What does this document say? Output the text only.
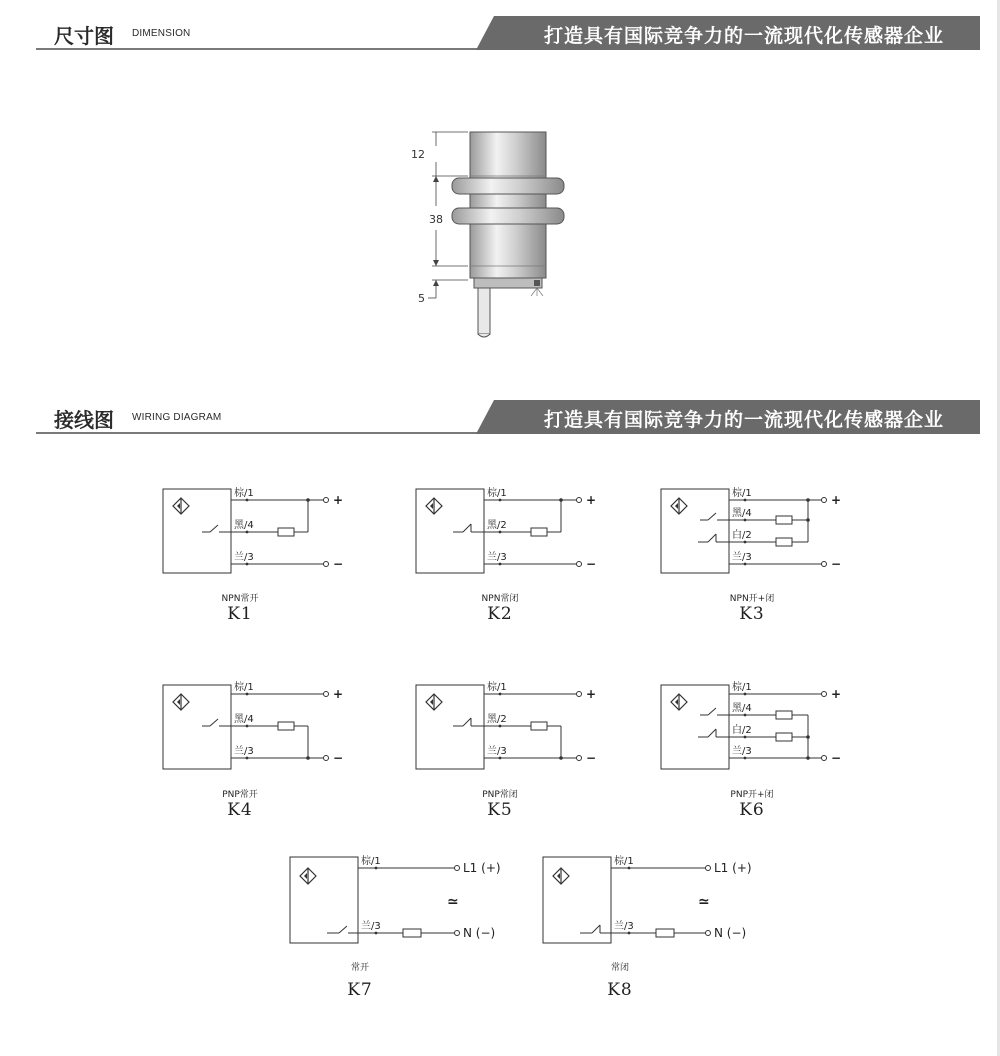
尺寸图 DIMENSION	打造具有国际竞争力的一流现代化传感器企业
12
38
5
接线图 WIRING DIAGRAM	打造具有国际竞争力的一流现代化传感器企业
棕/1	+
黑/4
兰/3	−
NPN常开
K1
棕/1	+
黑/2
兰/3	−
NPN常闭
K2
棕/1	+
黑/4
白/2
兰/3	−
NPN开+闭
K3
棕/1	+
黑/4
兰/3	−
PNP常开
K4
棕/1	+
黑/2
兰/3	−
PNP常闭
K5
棕/1	+
黑/4
白/2
兰/3	−
PNP开+闭
K6
棕/1	L1 (+)
≃
兰/3	N (−)
常开
K7
棕/1	L1 (+)
≃
兰/3	N (−)
常闭
K8
